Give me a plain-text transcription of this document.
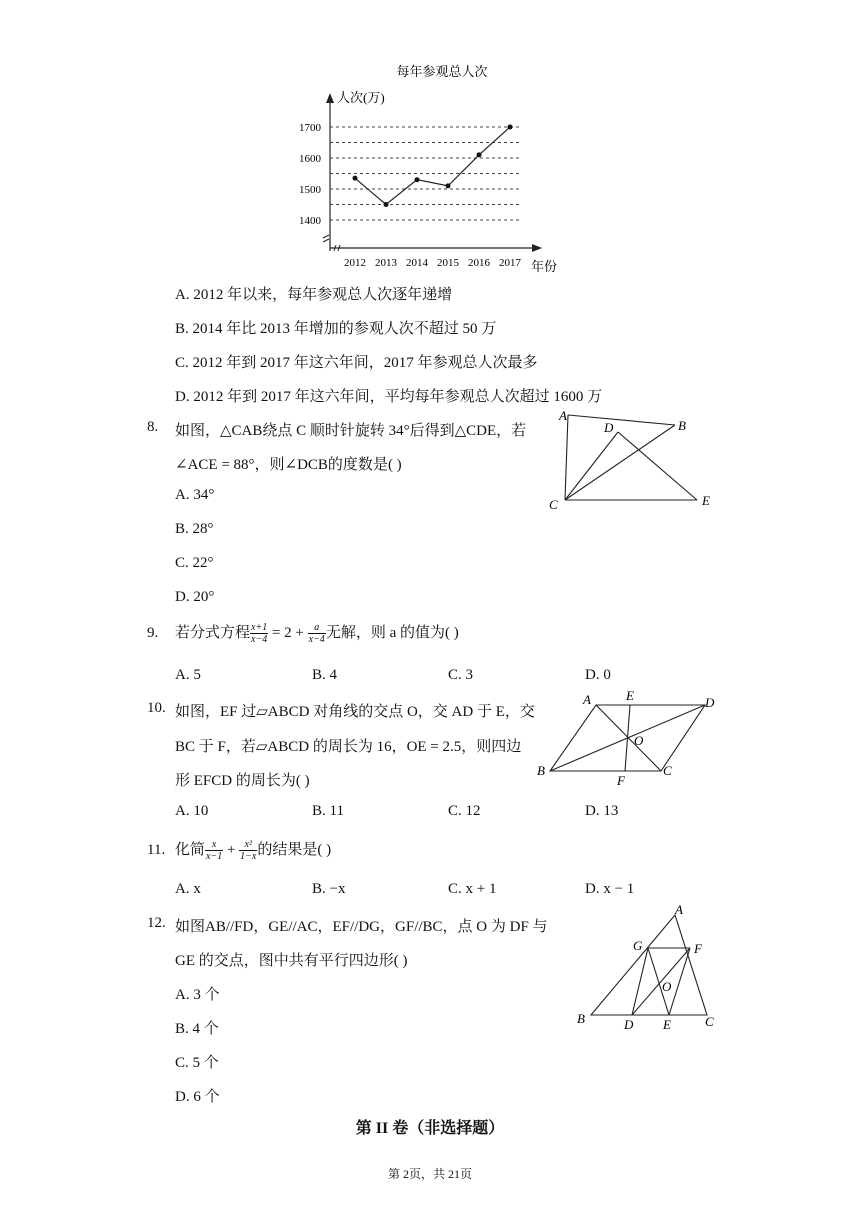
每年参观总人次
人次(万)
年份
1400
1500
1600
1700
2012 2013 2014 2015 2016 2017
A. 2012 年以来，每年参观总人次逐年递增
B. 2014 年比 2013 年增加的参观人次不超过 50 万
C. 2012 年到 2017 年这六年间，2017 年参观总人次最多
D. 2012 年到 2017 年这六年间，平均每年参观总人次超过 1600 万
8. 如图，△CAB绕点 C 顺时针旋转 34°后得到△CDE，若
∠ACE = 88°，则∠DCB的度数是( )
A. 34°
B. 28°
C. 22°
D. 20°
A
B
D
C	E
9. 若分式方程 $\frac{x+1}{x-4} = 2 + \frac{a}{x-4}$ 无解，则 a 的值为( )
A. 5	B. 4	C. 3	D. 0
10. 如图，EF 过▱ABCD 对角线的交点 O，交 AD 于 E，交
BC 于 F，若▱ABCD 的周长为 16，OE = 2.5，则四边
形 EFCD 的周长为( )
A. 10	B. 11	C. 12	D. 13
A	E	D
O
B
F
C
11. 化简 $\frac{x}{x-1} + \frac{\text{x²}}{1-x}$ 的结果是( )
A. x	B. −x	C. x + 1	D. x − 1
12. 如图AB//FD，GE//AC，EF//DG，GF//BC，点 O 为 DF 与
GE 的交点，图中共有平行四边形( )
A. 3 个
B. 4 个
C. 5 个
D. 6 个
A
G	F
O
B	D E	C
第 II 卷（非选择题）
第 2页，共 21页
